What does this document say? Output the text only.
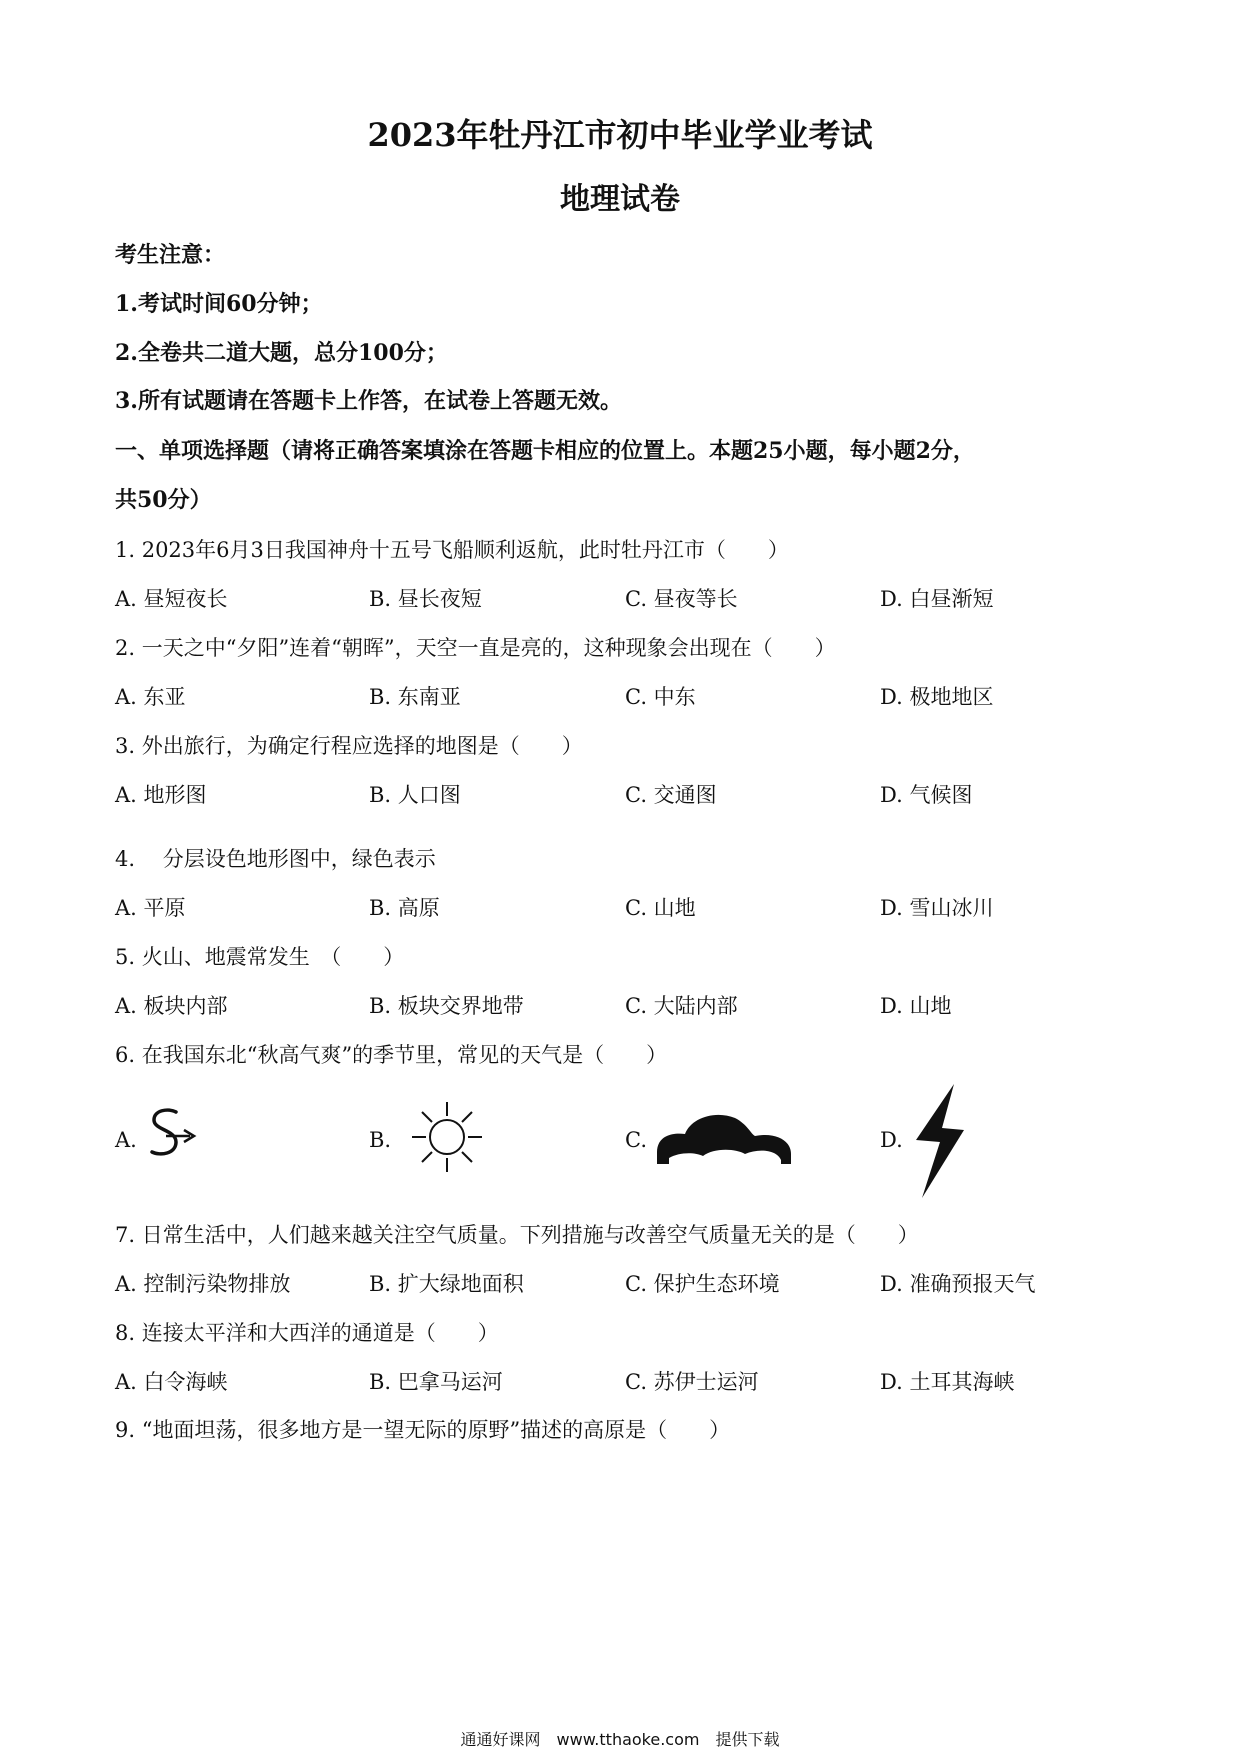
2023年牡丹江市初中毕业学业考试
地理试卷
考生注意：
1.考试时间60分钟；
2.全卷共二道大题，总分100分；
3.所有试题请在答题卡上作答，在试卷上答题无效。
一、单项选择题（请将正确答案填涂在答题卡相应的位置上。本题25小题，每小题2分，
共50分）
1. 2023年6月3日我国神舟十五号飞船顺利返航，此时牡丹江市（　　）
A. 昼短夜长	B. 昼长夜短	C. 昼夜等长	D. 白昼渐短
2. 一天之中“夕阳”连着“朝晖”，天空一直是亮的，这种现象会出现在（　　）
A. 东亚	B. 东南亚	C. 中东	D. 极地地区
3. 外出旅行，为确定行程应选择的地图是（　　）
A. 地形图	B. 人口图	C. 交通图	D. 气候图
4.　 分层设色地形图中，绿色表示
A. 平原	B. 高原	C. 山地	D. 雪山冰川
5. 火山、地震常发生　（　　）
A. 板块内部	B. 板块交界地带	C. 大陆内部	D. 山地
6. 在我国东北“秋高气爽”的季节里，常见的天气是（　　）
A.	B.	C.	D.
7. 日常生活中，人们越来越关注空气质量。下列措施与改善空气质量无关的是（　　）
A. 控制污染物排放	B. 扩大绿地面积	C. 保护生态环境	D. 准确预报天气
8. 连接太平洋和大西洋的通道是（　　）
A. 白令海峡	B. 巴拿马运河	C. 苏伊士运河	D. 土耳其海峡
9. “地面坦荡，很多地方是一望无际的原野”描述的高原是（　　）
通通好课网　www.tthaoke.com　提供下载
